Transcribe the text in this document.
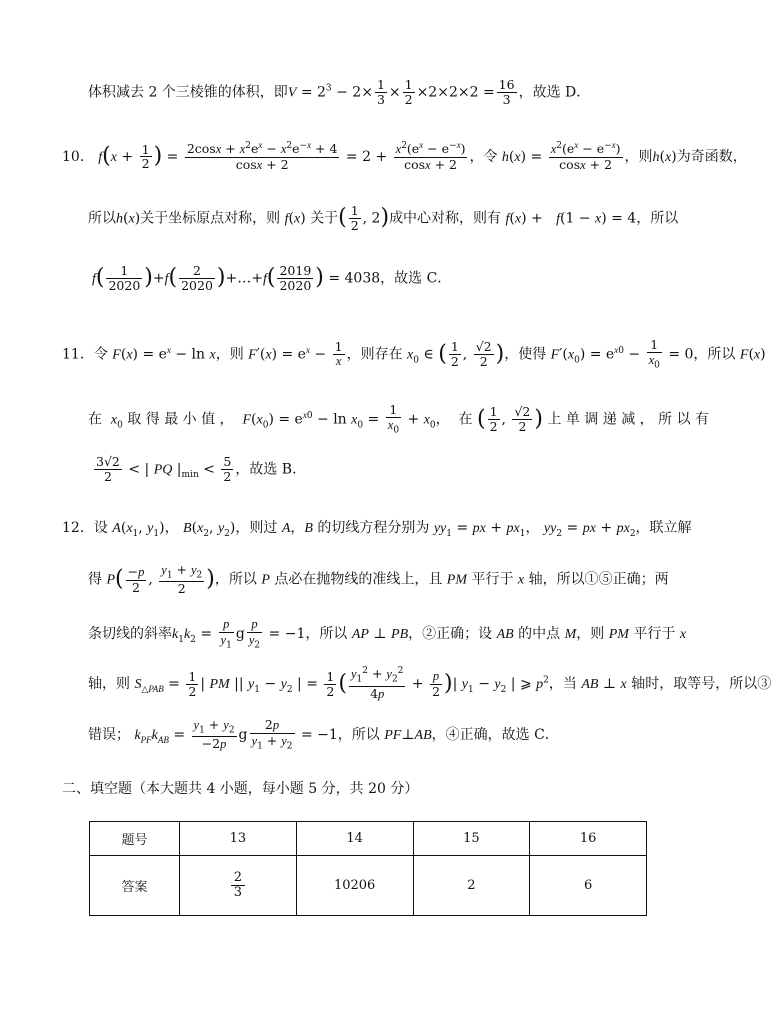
体积减去 2 个三棱锥的体积，即$V = 2^3 - 2\times \frac{1}{3} \times \frac{1}{2} \times 2\times 2\times 2 = \frac{16}{3}$ ，故选 D．
10． $f(x + \frac{1}{2}$ ) = $\frac{2\cos x + x^2e^x - x^2e^{-x} + 4}{\cos x + 2} = 2 + \frac{x^2(e^x - e^{-x})}{\cos x + 2}$ ，令 $h(x) = \frac{x^2(e^x - e^{-x})}{\cos x + 2}$ ，则h(x)为奇函数，
所以h(x)关于坐标原点对称，则 f(x) 关于( $\frac{1}{2}$ , 2)成中心对称，则有 f(x) +   f(1 − x) = 4，所以
$f( \frac{1}{2020} )+f( \frac{2}{2020}$ )+…+f( $\frac{2019}{2020}$ ) = 4038，故选 C．
11．令 $F(x) = e^x - \ln x$，则 $F'(x) = e^x - \frac{1}{x}$ ，则存在 $x_0$ ∈ ( $\frac{1}{2}$ , $\frac{√2}{2}$ )，使得 $F'(x_0) = e^{x0} - \frac{1}{x_0} = 0$，所以 F(x)
在  $x_0$ 取 得 最 小 值 ，  $F(x_0) = e^{x0} - \ln x_0 = \frac{1}{x_0} + x_0$，  在 ( $\frac{1}{2}$ , $\frac{√2}{2}$ ) 上 单 调 递 减 ， 所 以 有
$\frac{3√2}{2}$ < | PQ $|_{min} < \frac{5}{2}$ ，故选 B．
12．设 $A(x_1$, $y_1$)， $B(x_2$, $y_2$)，则过 A，B 的切线方程分别为 $yy_1$ = px + $px_1$， $yy_2$ = px + $px_2$，联立解
得 $P( \frac{-p}{2}$ , $\frac{y_1 + y_2}{2}$ )，所以 P 点必在抛物线的准线上，且 PM 平行于 x 轴，所以①⑤正确；两
条切线的斜率$k_1k_2 = \frac{p}{y_1}$ g $\frac{p}{y_2} = -1$，所以 AP ⊥ PB，②正确；设 AB 的中点 M，则 PM 平行于 x
轴，则 $S_{\triangle PAB} = \frac{1}{2}$ | PM || $y_1 - y_2$ | = $\frac{1}{2}$ ( $\frac{y_1^2 + y_2^2}{4p} + \frac{p}{2}$ )| $y_1 - y_2$ | ⩾ $p^2$，当 AB ⊥ x 轴时，取等号，所以③
错误； $k_{PF}k_{AB} = \frac{y_1 + y_2}{-2p}$ g $\frac{2p}{y_1 + y_2} = -1$，所以 PF⊥AB，④正确，故选 C．
二、填空题（本大题共 4 小题，每小题 5 分，共 20 分）
题号	13	14	15	16
答案	$\frac{2}{3}$	10206	2	6
